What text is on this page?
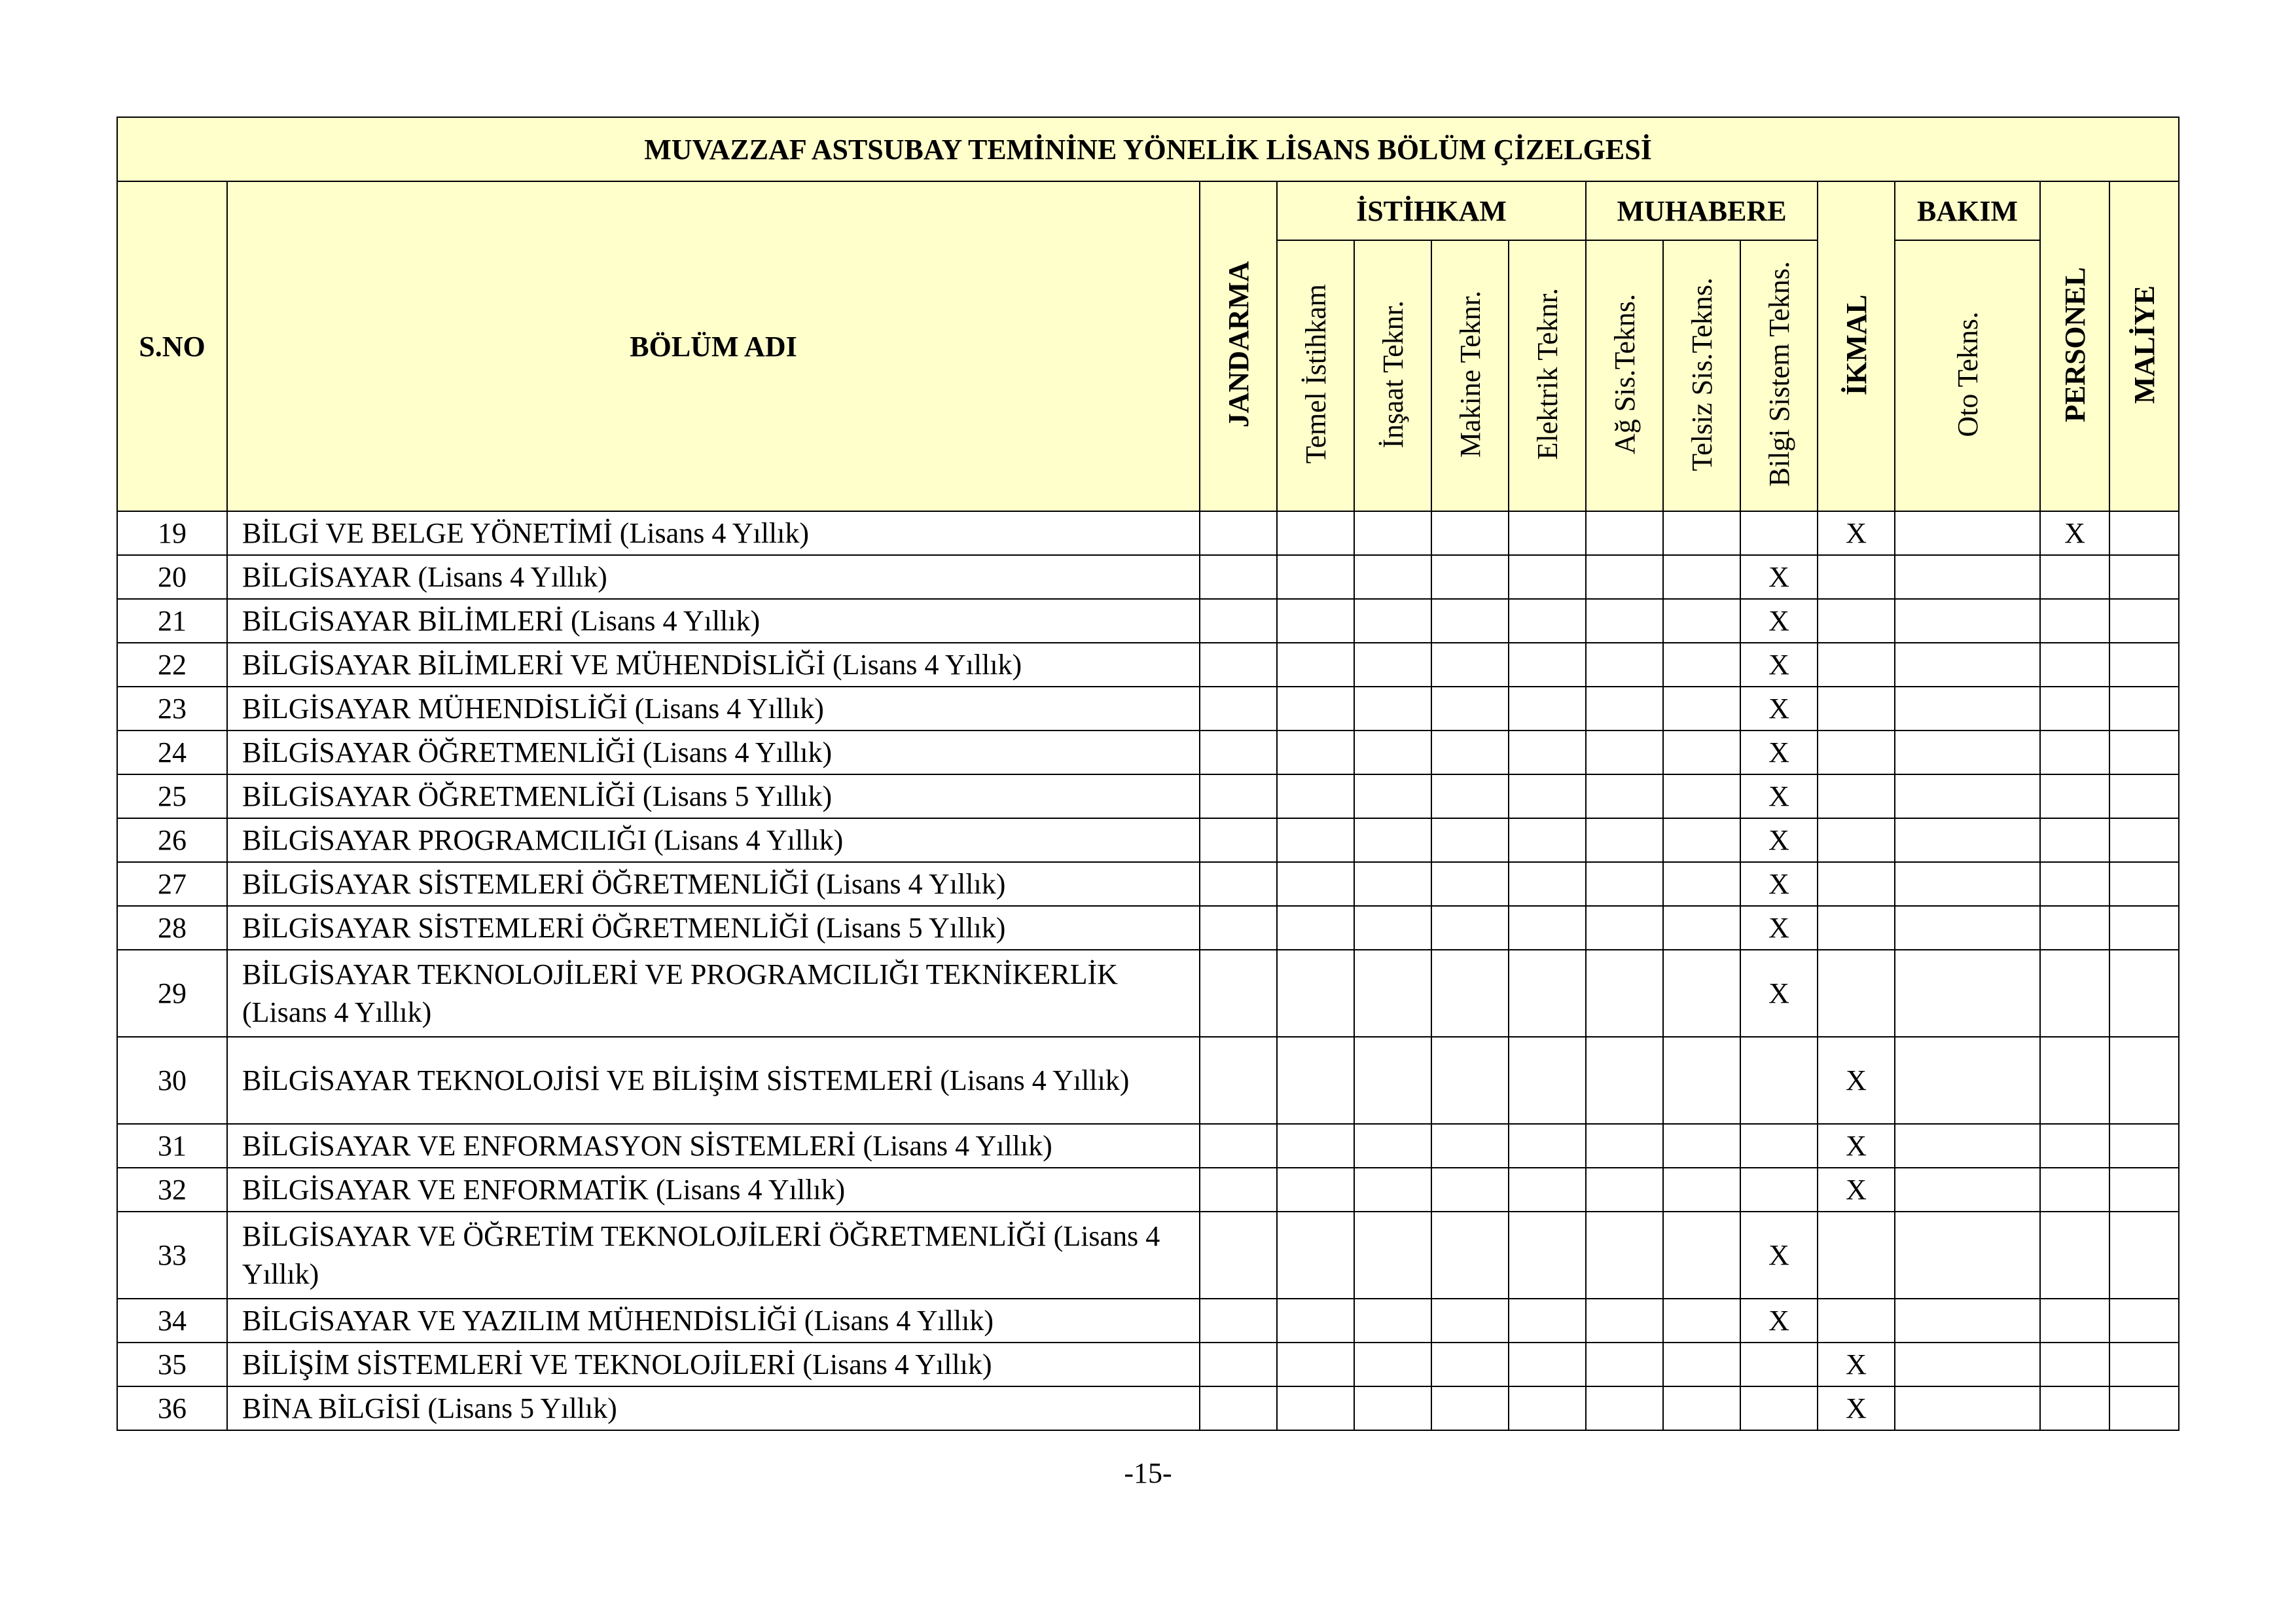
MUVAZZAF ASTSUBAY TEMİNİNE YÖNELİK LİSANS BÖLÜM ÇİZELGESİ													
S.NO	BÖLÜM ADI	JANDARMA	İSTİHKAM				MUHABERE			İKMAL	BAKIM	PERSONEL	MALİYE
			Temel İstihkam	İnşaat Teknr.	Makine Teknr.	Elektrik Teknr.	Ağ Sis.Tekns.	Telsiz Sis.Tekns.	Bilgi Sistem Tekns.		Oto Tekns.		
19	BİLGİ VE BELGE YÖNETİMİ (Lisans 4 Yıllık)									X		X	
20	BİLGİSAYAR (Lisans 4 Yıllık)								X				
21	BİLGİSAYAR BİLİMLERİ (Lisans 4 Yıllık)								X				
22	BİLGİSAYAR BİLİMLERİ VE MÜHENDİSLİĞİ (Lisans 4 Yıllık)								X				
23	BİLGİSAYAR MÜHENDİSLİĞİ (Lisans 4 Yıllık)								X				
24	BİLGİSAYAR ÖĞRETMENLİĞİ (Lisans 4 Yıllık)								X				
25	BİLGİSAYAR ÖĞRETMENLİĞİ (Lisans 5 Yıllık)								X				
26	BİLGİSAYAR PROGRAMCILIĞI (Lisans 4 Yıllık)								X				
27	BİLGİSAYAR SİSTEMLERİ ÖĞRETMENLİĞİ (Lisans 4 Yıllık)								X				
28	BİLGİSAYAR SİSTEMLERİ ÖĞRETMENLİĞİ (Lisans 5 Yıllık)								X				
29	BİLGİSAYAR TEKNOLOJİLERİ VE PROGRAMCILIĞI TEKNİKERLİK (Lisans 4 Yıllık)								X				
30	BİLGİSAYAR TEKNOLOJİSİ VE BİLİŞİM SİSTEMLERİ (Lisans 4 Yıllık)									X			
31	BİLGİSAYAR VE ENFORMASYON SİSTEMLERİ (Lisans 4 Yıllık)									X			
32	BİLGİSAYAR VE ENFORMATİK (Lisans 4 Yıllık)									X			
33	BİLGİSAYAR VE ÖĞRETİM TEKNOLOJİLERİ ÖĞRETMENLİĞİ (Lisans 4 Yıllık)								X				
34	BİLGİSAYAR VE YAZILIM MÜHENDİSLİĞİ (Lisans 4 Yıllık)								X				
35	BİLİŞİM SİSTEMLERİ VE TEKNOLOJİLERİ (Lisans 4 Yıllık)									X			
36	BİNA BİLGİSİ (Lisans 5 Yıllık)									X			
-15-
